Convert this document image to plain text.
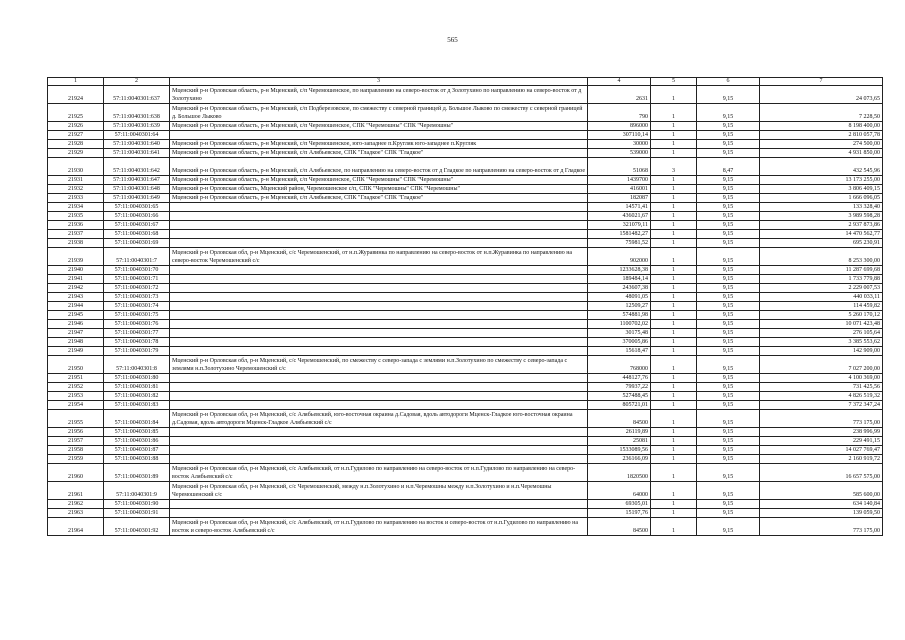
565
1	2	3	4	5	6	7
21924	57:11:0040301:637	Мценский р-н Орловская область, р-н Мценский, с/п Черемошенское, по направлению на северо-восток от д Золотухино по направлению на северо-восток от д Золотухино	2631	1	9,15	24 073,65
21925	57:11:0040301:638	Мценский р-н Орловская область, р-н Мценский, с/п Подберезовское, по смежеству с северной границей д. Большое Лыково по смежеству с северной границей д. Большое Лыково	790	1	9,15	7 228,50
21926	57:11:0040301:639	Мценский р-н Орловская область, р-н Мценский, с/п Черемошенское, СПК "Черемошны" СПК "Черемошны"	896000	1	9,15	8 198 400,00
21927	57:11:0040301:64		307110,14	1	9,15	2 810 057,78
21928	57:11:0040301:640	Мценский р-н Орловская область, р-н Мценский, с/п Черемошенское, юго-западнее п.Кругляк юго-западнее п.Кругляк	30000	1	9,15	274 500,00
21929	57:11:0040301:641	Мценский р-н Орловская область, р-н Мценский, с/п Алябьевское, СПК "Гладкое" СПК "Гладкое"	539000	1	9,15	4 931 850,00
21930	57:11:0040301:642	Мценский р-н Орловская область, р-н Мценский, с/п Алябьевское, по направлению на северо-восток от д Гладкое по направлению на северо-восток от д Гладкое	51068	3	8,47	432 545,96
21931	57:11:0040301:647	Мценский р-н Орловская область, р-н Мценский, с/п Черемошенское, СПК "Черемошны" СПК "Черемошны"	1439700	1	9,15	13 173 255,00
21932	57:11:0040301:648	Мценский р-н Орловская область, Мценский район, Черемошенское с/п, СПК "Черемошны" СПК "Черемошны"	416001	1	9,15	3 806 409,15
21933	57:11:0040301:649	Мценский р-н Орловская область, р-н Мценский, с/п Алябьевское, СПК "Гладкое" СПК "Гладкое"	182087	1	9,15	1 666 096,05
21934	57:11:0040301:65		14571,41	1	9,15	133 328,40
21935	57:11:0040301:66		436021,67	1	9,15	3 989 598,28
21936	57:11:0040301:67		321079,11	1	9,15	2 937 873,86
21937	57:11:0040301:68		1581482,27	1	9,15	14 470 562,77
21938	57:11:0040301:69		75981,52	1	9,15	695 230,91
21939	57:11:0040301:7	Мценский р-н Орловская обл, р-н Мценский, с/с Черемошенский, от н.п.Журавинка по направлению на северо-восток от н.п.Журавинка по направлению на северо-восток Черемошенский с/с	902000	1	9,15	8 253 300,00
21940	57:11:0040301:70		1233628,38	1	9,15	11 287 699,68
21941	57:11:0040301:71		189484,14	1	9,15	1 733 779,88
21942	57:11:0040301:72		243607,38	1	9,15	2 229 007,53
21943	57:11:0040301:73		48091,05	1	9,15	440 033,11
21944	57:11:0040301:74		12509,27	1	9,15	114 459,82
21945	57:11:0040301:75		574881,98	1	9,15	5 260 170,12
21946	57:11:0040301:76		1100702,02	1	9,15	10 071 423,48
21947	57:11:0040301:77		30175,48	1	9,15	276 105,64
21948	57:11:0040301:78		370005,86	1	9,15	3 385 553,62
21949	57:11:0040301:79		15618,47	1	9,15	142 909,00
21950	57:11:0040301:8	Мценский р-н Орловская обл, р-н Мценский, с/с Черемошенский, по смежеству с северо-запада с землями н.п.Золотухино по смежеству с северо-запада с землями н.п.Золотухино Черемошенский с/с	768000	1	9,15	7 027 200,00
21951	57:11:0040301:80		448127,76	1	9,15	4 100 369,00
21952	57:11:0040301:81		79937,22	1	9,15	731 425,56
21953	57:11:0040301:82		527488,45	1	9,15	4 826 519,32
21954	57:11:0040301:83		805721,01	1	9,15	7 372 347,24
21955	57:11:0040301:84	Мценский р-н Орловская обл, р-н Мценский, с/с Алябьевский, юго-восточная окраина д.Садовая, вдоль автодороги Мценск-Гладкое юго-восточная окраина д.Садовая, вдоль автодороги Мценск-Гладкое Алябьевский с/с	84500	1	9,15	773 175,00
21956	57:11:0040301:85		26119,89	1	9,15	238 996,99
21957	57:11:0040301:86		25081	1	9,15	229 491,15
21958	57:11:0040301:87		1533089,56	1	9,15	14 027 769,47
21959	57:11:0040301:88		236166,09	1	9,15	2 160 919,72
21960	57:11:0040301:89	Мценский р-н Орловская обл, р-н Мценский, с/с Алябьевский, от н.п.Гудилово по направлению на северо-восток от н.п.Гудилово по направлению на северо-восток Алябьевский с/с	1820500	1	9,15	16 657 575,00
21961	57:11:0040301:9	Мценский р-н Орловская обл, р-н Мценский, с/с Черемошенский, между н.п.Золотухино и н.п.Черемошны между н.п.Золотухино и н.п.Черемошны Черемошенский с/с	64000	1	9,15	585 600,00
21962	57:11:0040301:90		69305,01	1	9,15	634 140,84
21963	57:11:0040301:91		15197,76	1	9,15	139 059,50
21964	57:11:0040301:92	Мценский р-н Орловская обл, р-н Мценский, с/с Алябьевский, от н.п.Гудилово по направлению на восток и северо-восток от н.п.Гудилово по направлению на восток и северо-восток Алябьевский с/с	84500	1	9,15	773 175,00
